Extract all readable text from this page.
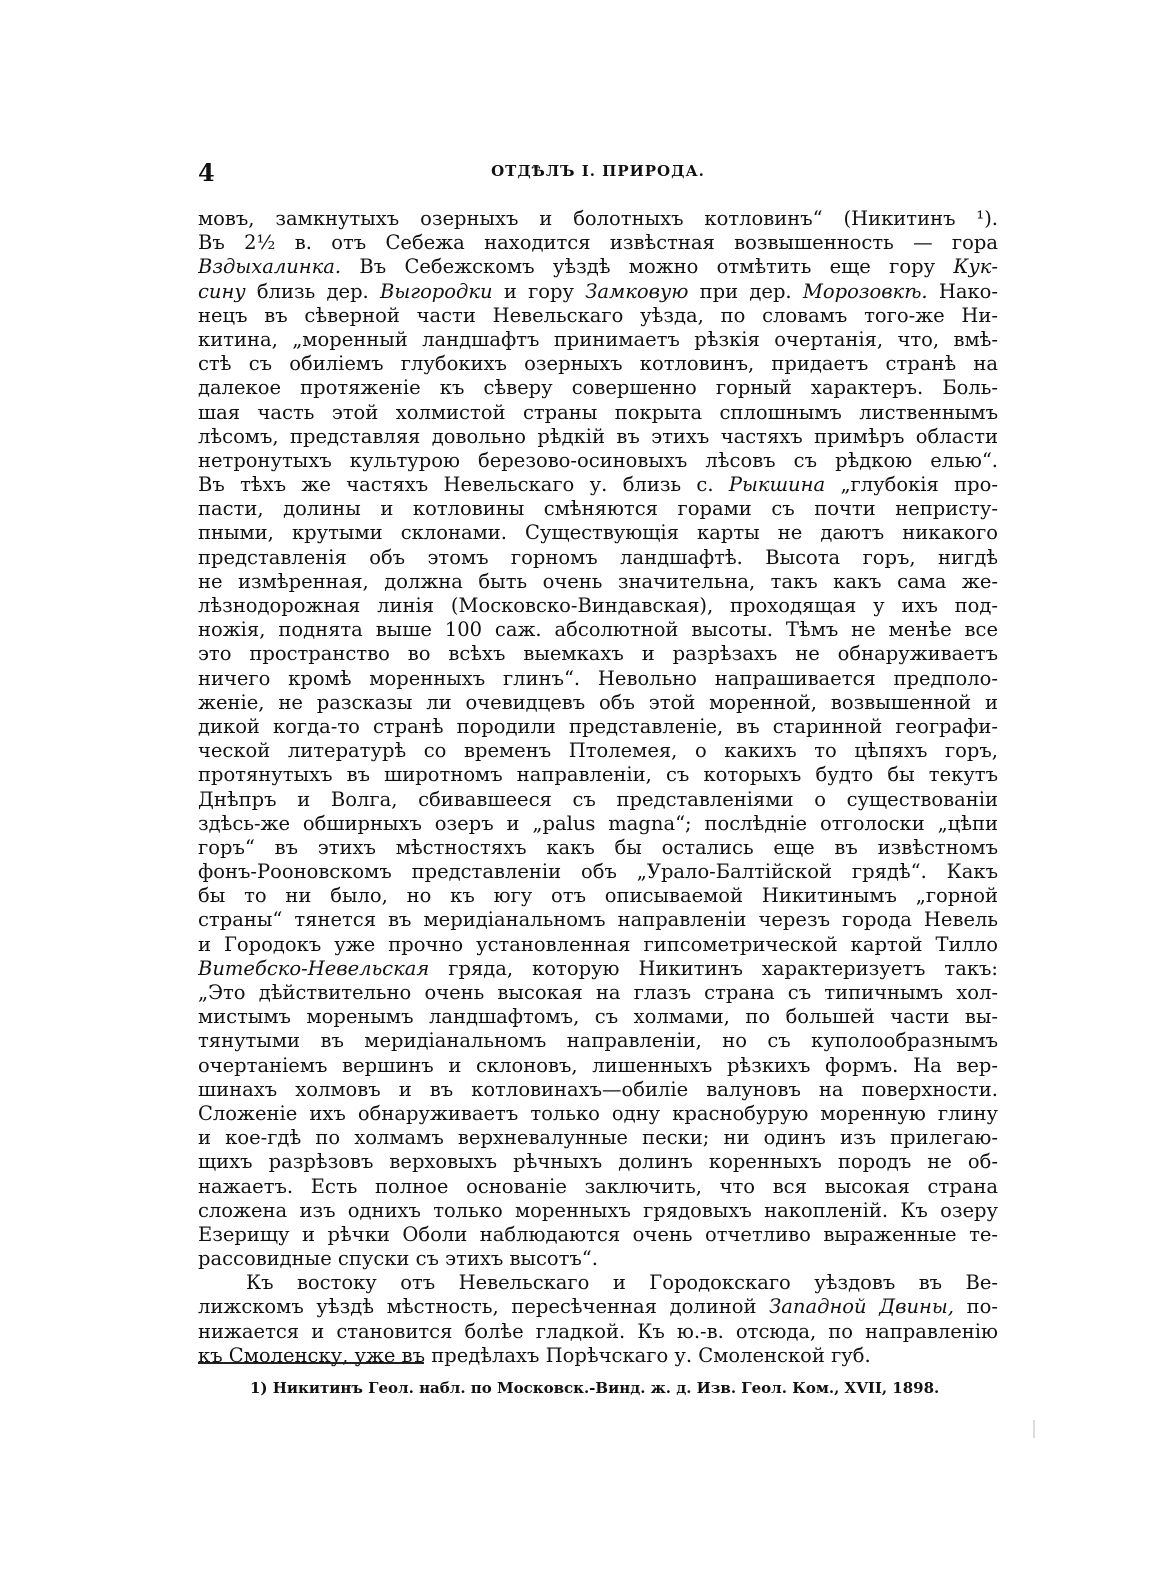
4	ОТДѢЛЪ I. ПРИРОДА.
мовъ, замкнутыхъ озерныхъ и болотныхъ котловинъ“ (Никитинъ ¹).
Въ 2½ в. отъ Себежа находится извѣстная возвышенность — гора
Вздыхалинка. Въ Себежскомъ уѣздѣ можно отмѣтить еще гору Кук-
сину близь дер. Выгородки и гору Замковую при дер. Морозовкѣ. Нако-
нецъ въ сѣверной части Невельскаго уѣзда, по словамъ того-же Ни-
китина, „моренный ландшафтъ принимаетъ рѣзкія очертанія, что, вмѣ-
стѣ съ обиліемъ глубокихъ озерныхъ котловинъ, придаетъ странѣ на
далекое протяженіе къ сѣверу совершенно горный характеръ. Боль-
шая часть этой холмистой страны покрыта сплошнымъ лиственнымъ
лѣсомъ, представляя довольно рѣдкій въ этихъ частяхъ примѣръ области
нетронутыхъ культурою березово-осиновыхъ лѣсовъ съ рѣдкою елью“.
Въ тѣхъ же частяхъ Невельскаго у. близь с. Рыкшина „глубокія про-
пасти, долины и котловины смѣняются горами съ почти непристу-
пными, крутыми склонами. Существующія карты не даютъ никакого
представленія объ этомъ горномъ ландшафтѣ. Высота горъ, нигдѣ
не измѣренная, должна быть очень значительна, такъ какъ сама же-
лѣзнодорожная линія (Московско-Виндавская), проходящая у ихъ под-
ножія, поднята выше 100 саж. абсолютной высоты. Тѣмъ не менѣе все
это пространство во всѣхъ выемкахъ и разрѣзахъ не обнаруживаетъ
ничего кромѣ моренныхъ глинъ“. Невольно напрашивается предполо-
женіе, не разсказы ли очевидцевъ объ этой моренной, возвышенной и
дикой когда-то странѣ породили представленіе, въ старинной географи-
ческой литературѣ со временъ Птолемея, о какихъ то цѣпяхъ горъ,
протянутыхъ въ широтномъ направленіи, съ которыхъ будто бы текутъ
Днѣпръ и Волга, сбивавшееся съ представленіями о существованіи
здѣсь-же обширныхъ озеръ и „palus magna“; послѣдніе отголоски „цѣпи
горъ“ въ этихъ мѣстностяхъ какъ бы остались еще въ извѣстномъ
фонъ-Рооновскомъ представленіи объ „Урало-Балтійской грядѣ“. Какъ
бы то ни было, но къ югу отъ описываемой Никитинымъ „горной
страны“ тянется въ меридіанальномъ направленіи черезъ города Невель
и Городокъ уже прочно установленная гипсометрической картой Тилло
Витебско-Невельская гряда, которую Никитинъ характеризуетъ такъ:
„Это дѣйствительно очень высокая на глазъ страна съ типичнымъ хол-
мистымъ моренымъ ландшафтомъ, съ холмами, по большей части вы-
тянутыми въ меридіанальномъ направленіи, но съ куполообразнымъ
очертаніемъ вершинъ и склоновъ, лишенныхъ рѣзкихъ формъ. На вер-
шинахъ холмовъ и въ котловинахъ—обиліе валуновъ на поверхности.
Сложеніе ихъ обнаруживаетъ только одну краснобурую моренную глину
и кое-гдѣ по холмамъ верхневалунные пески; ни одинъ изъ прилегаю-
щихъ разрѣзовъ верховыхъ рѣчныхъ долинъ коренныхъ породъ не об-
нажаетъ. Есть полное основаніе заключить, что вся высокая страна
сложена изъ однихъ только моренныхъ грядовыхъ накопленій. Къ озеру
Езерищу и рѣчки Оболи наблюдаются очень отчетливо выраженные те-
рассовидные спуски съ этихъ высотъ“.
Къ востоку отъ Невельскаго и Городокскаго уѣздовъ въ Ве-
лижскомъ уѣздѣ мѣстность, пересѣченная долиной Западной Двины, по-
нижается и становится болѣе гладкой. Къ ю.-в. отсюда, по направленію
къ Смоленску, уже въ предѣлахъ Порѣчскаго у. Смоленской губ.
1) Никитинъ Геол. набл. по Московск.-Винд. ж. д. Изв. Геол. Ком., XVII, 1898.
